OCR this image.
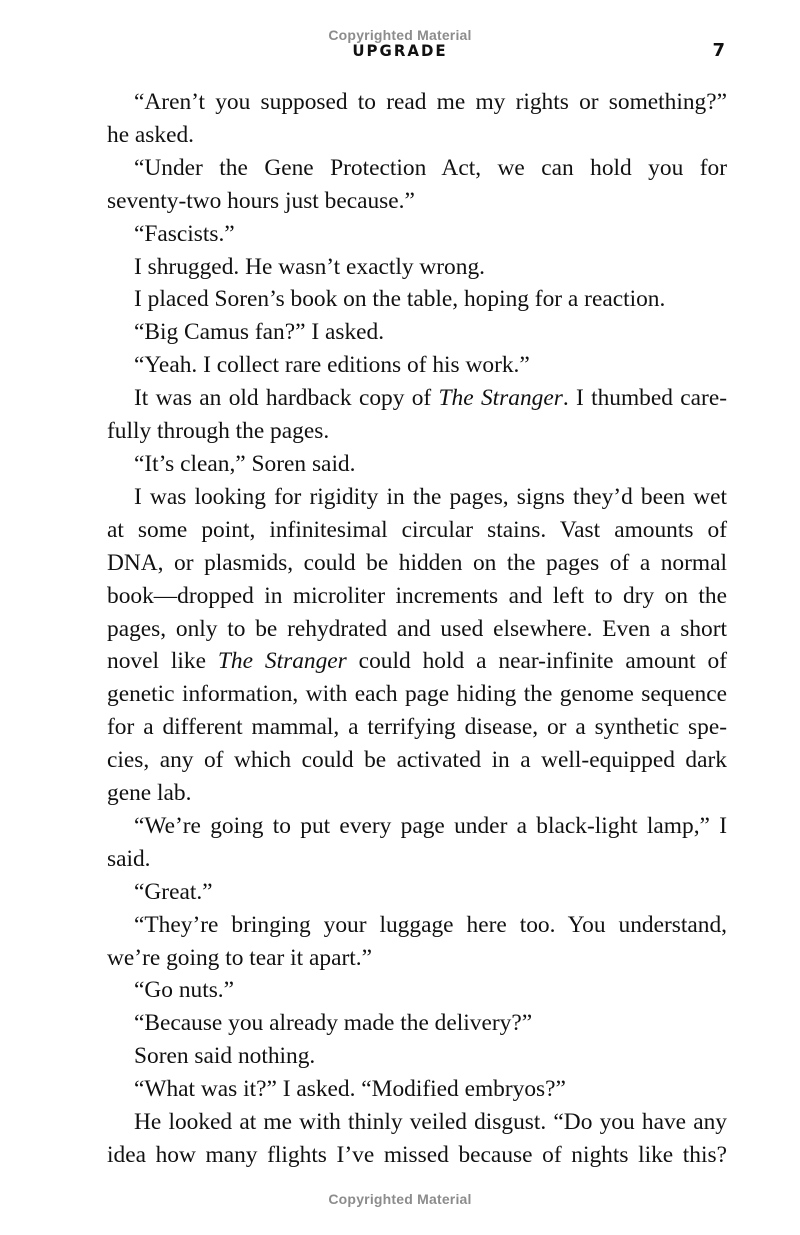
Copyrighted Material
UPGRADE	7
“Aren’t you supposed to read me my rights or something?”
he asked.
“Under the Gene Protection Act, we can hold you for
seventy-two hours just because.”
“Fascists.”
I shrugged. He wasn’t exactly wrong.
I placed Soren’s book on the table, hoping for a reaction.
“Big Camus fan?” I asked.
“Yeah. I collect rare editions of his work.”
It was an old hardback copy of The Stranger. I thumbed care-
fully through the pages.
“It’s clean,” Soren said.
I was looking for rigidity in the pages, signs they’d been wet
at some point, infinitesimal circular stains. Vast amounts of
DNA, or plasmids, could be hidden on the pages of a normal
book—dropped in microliter increments and left to dry on the
pages, only to be rehydrated and used elsewhere. Even a short
novel like The Stranger could hold a near-infinite amount of
genetic information, with each page hiding the genome sequence
for a different mammal, a terrifying disease, or a synthetic spe-
cies, any of which could be activated in a well-equipped dark
gene lab.
“We’re going to put every page under a black-light lamp,” I
said.
“Great.”
“They’re bringing your luggage here too. You understand,
we’re going to tear it apart.”
“Go nuts.”
“Because you already made the delivery?”
Soren said nothing.
“What was it?” I asked. “Modified embryos?”
He looked at me with thinly veiled disgust. “Do you have any
idea how many flights I’ve missed because of nights like this?
Copyrighted Material
